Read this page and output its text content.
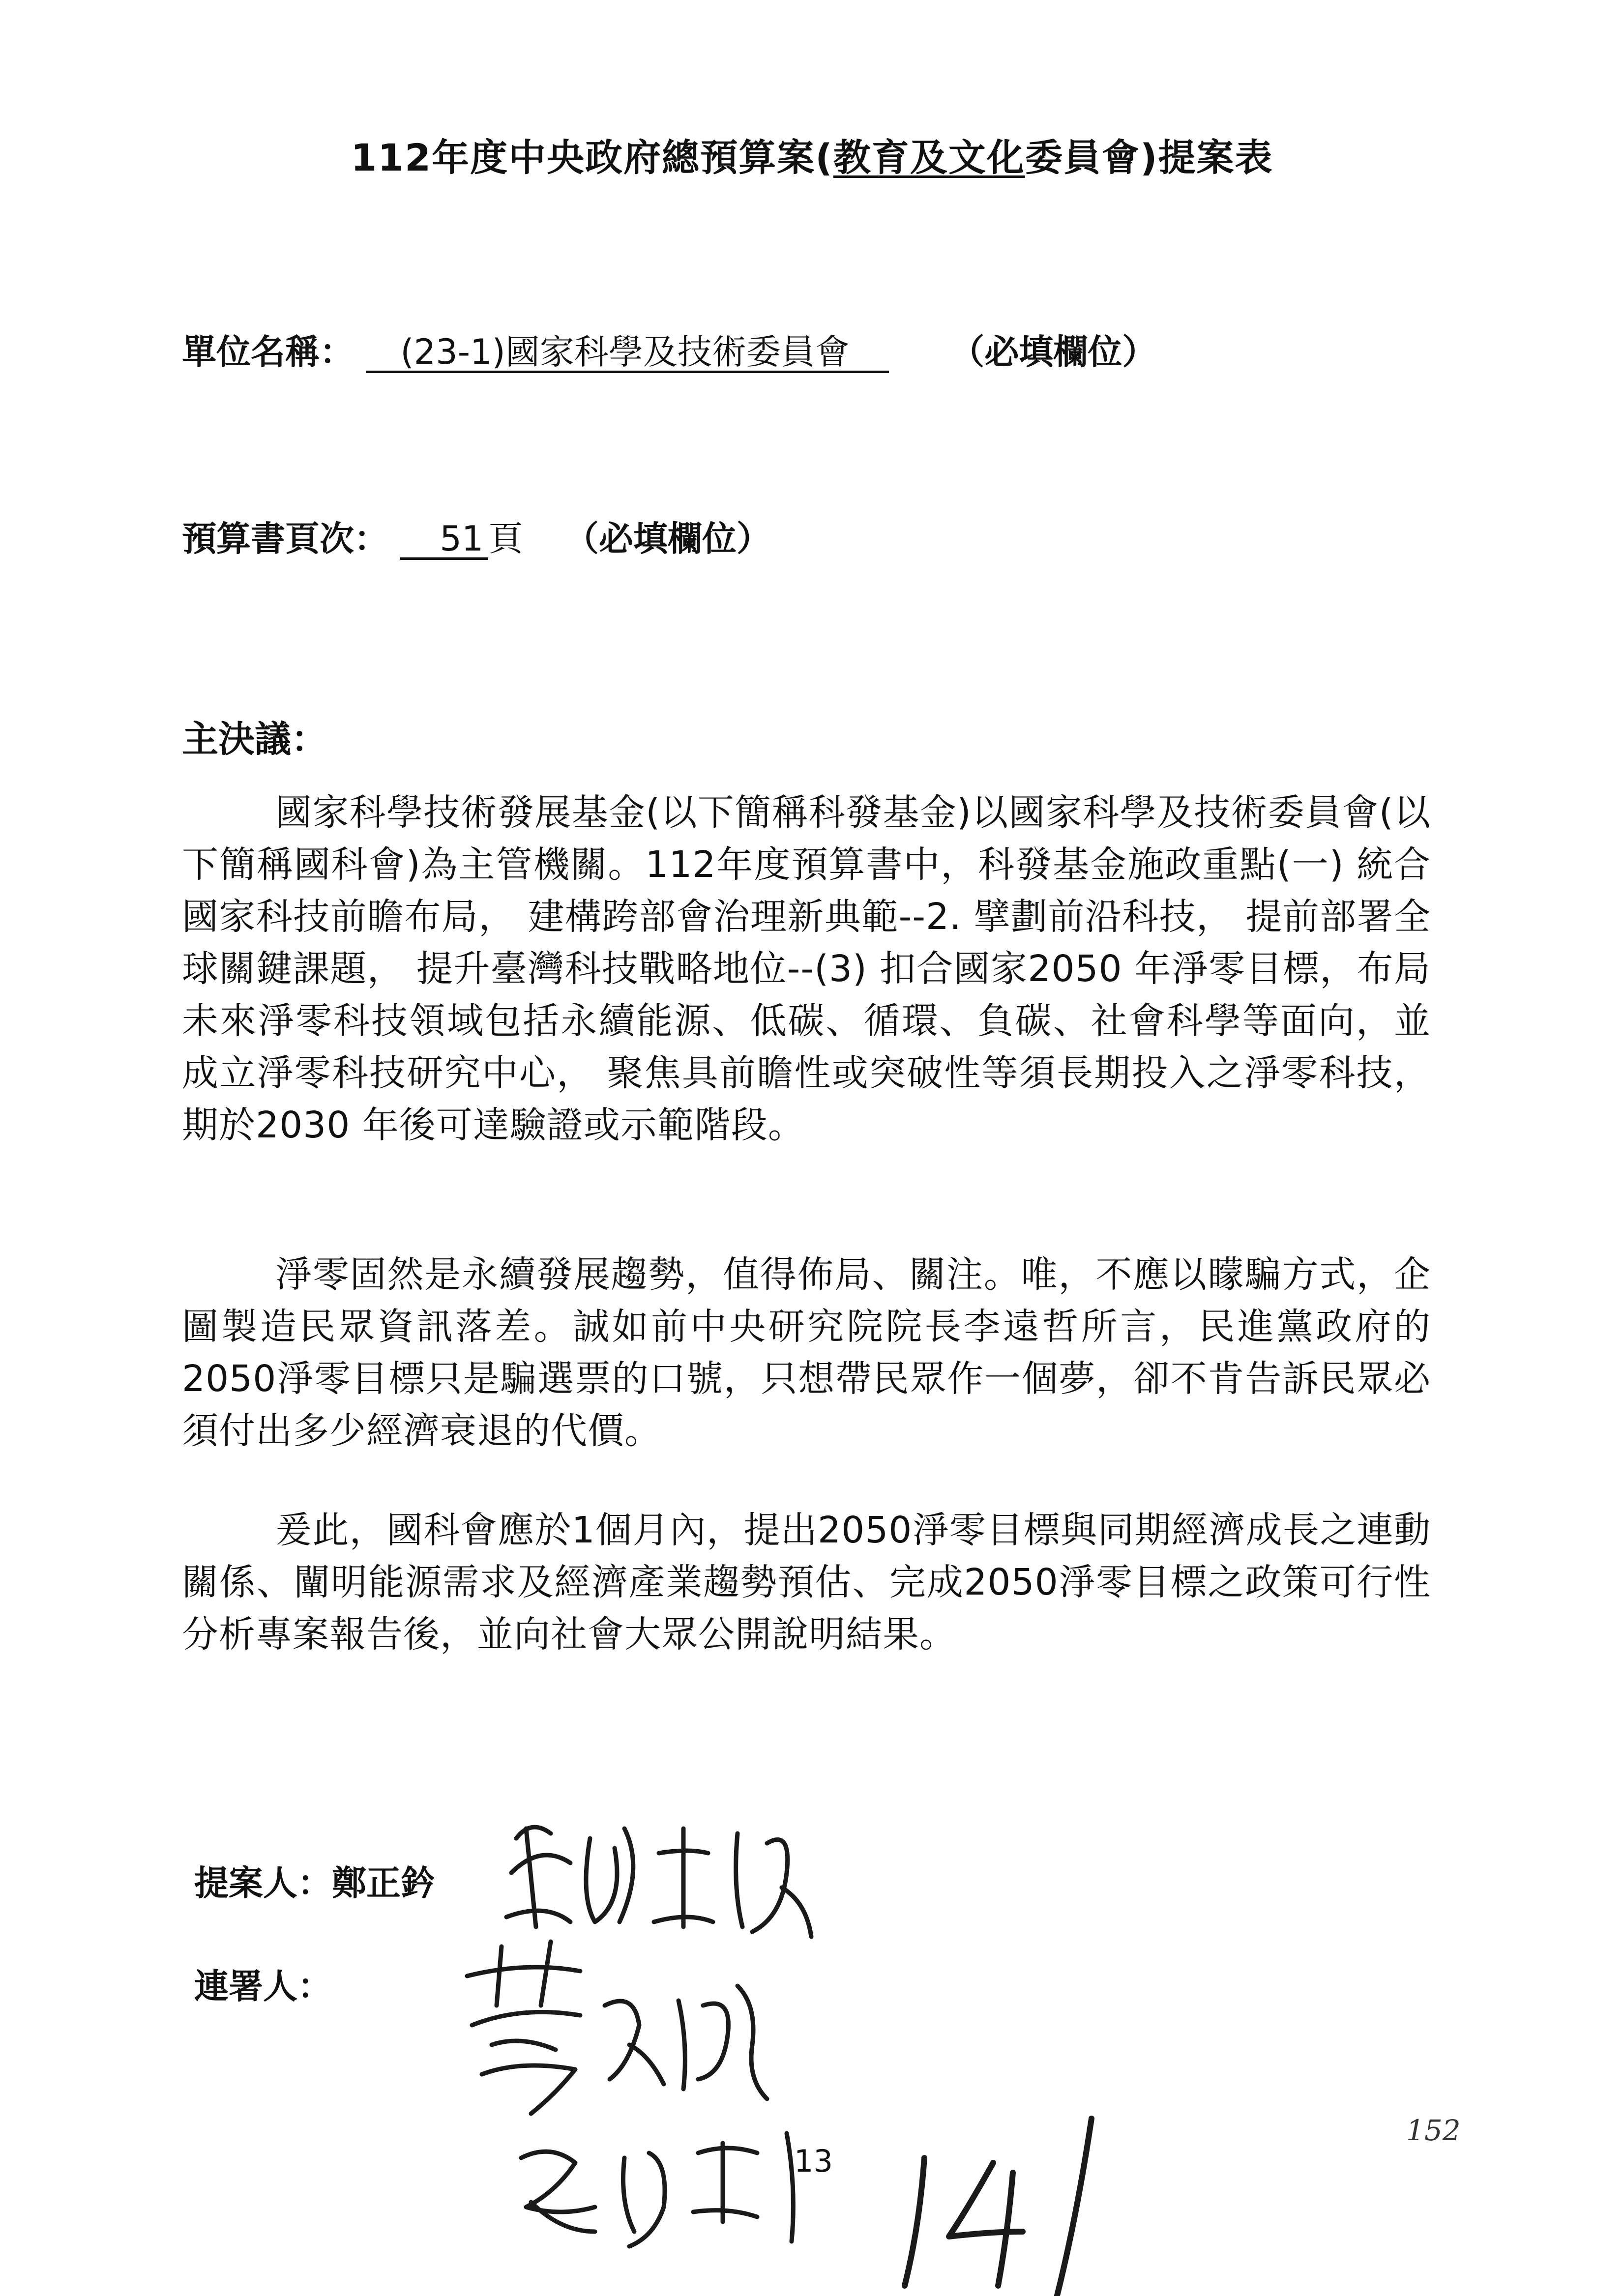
112年度中央政府總預算案(教育及文化委員會)提案表
單位名稱： (23-1)國家科學及技術委員會	（必填欄位）
預算書頁次： 51 頁 （必填欄位）
主決議：

國家科學技術發展基金(以下簡稱科發基金)以國家科學及技術委員會(以下簡稱國科會)為主管機關。112年度預算書中，科發基金施政重點(一) 統合國家科技前瞻布局， 建構跨部會治理新典範--2. 擘劃前沿科技， 提前部署全球關鍵課題， 提升臺灣科技戰略地位--(3) 扣合國家2050 年淨零目標，布局未來淨零科技領域包括永續能源、低碳、循環、負碳、社會科學等面向，並成立淨零科技研究中心， 聚焦具前瞻性或突破性等須長期投入之淨零科技， 期於2030 年後可達驗證或示範階段。

淨零固然是永續發展趨勢，值得佈局、關注。唯，不應以矇騙方式，企圖製造民眾資訊落差。誠如前中央研究院院長李遠哲所言，民進黨政府的2050淨零目標只是騙選票的口號，只想帶民眾作一個夢，卻不肯告訴民眾必須付出多少經濟衰退的代價。

爰此，國科會應於1個月內，提出2050淨零目標與同期經濟成長之連動關係、闡明能源需求及經濟產業趨勢預估、完成2050淨零目標之政策可行性分析專案報告後，並向社會大眾公開說明結果。

提案人：鄭正鈐
連署人：
13
152
